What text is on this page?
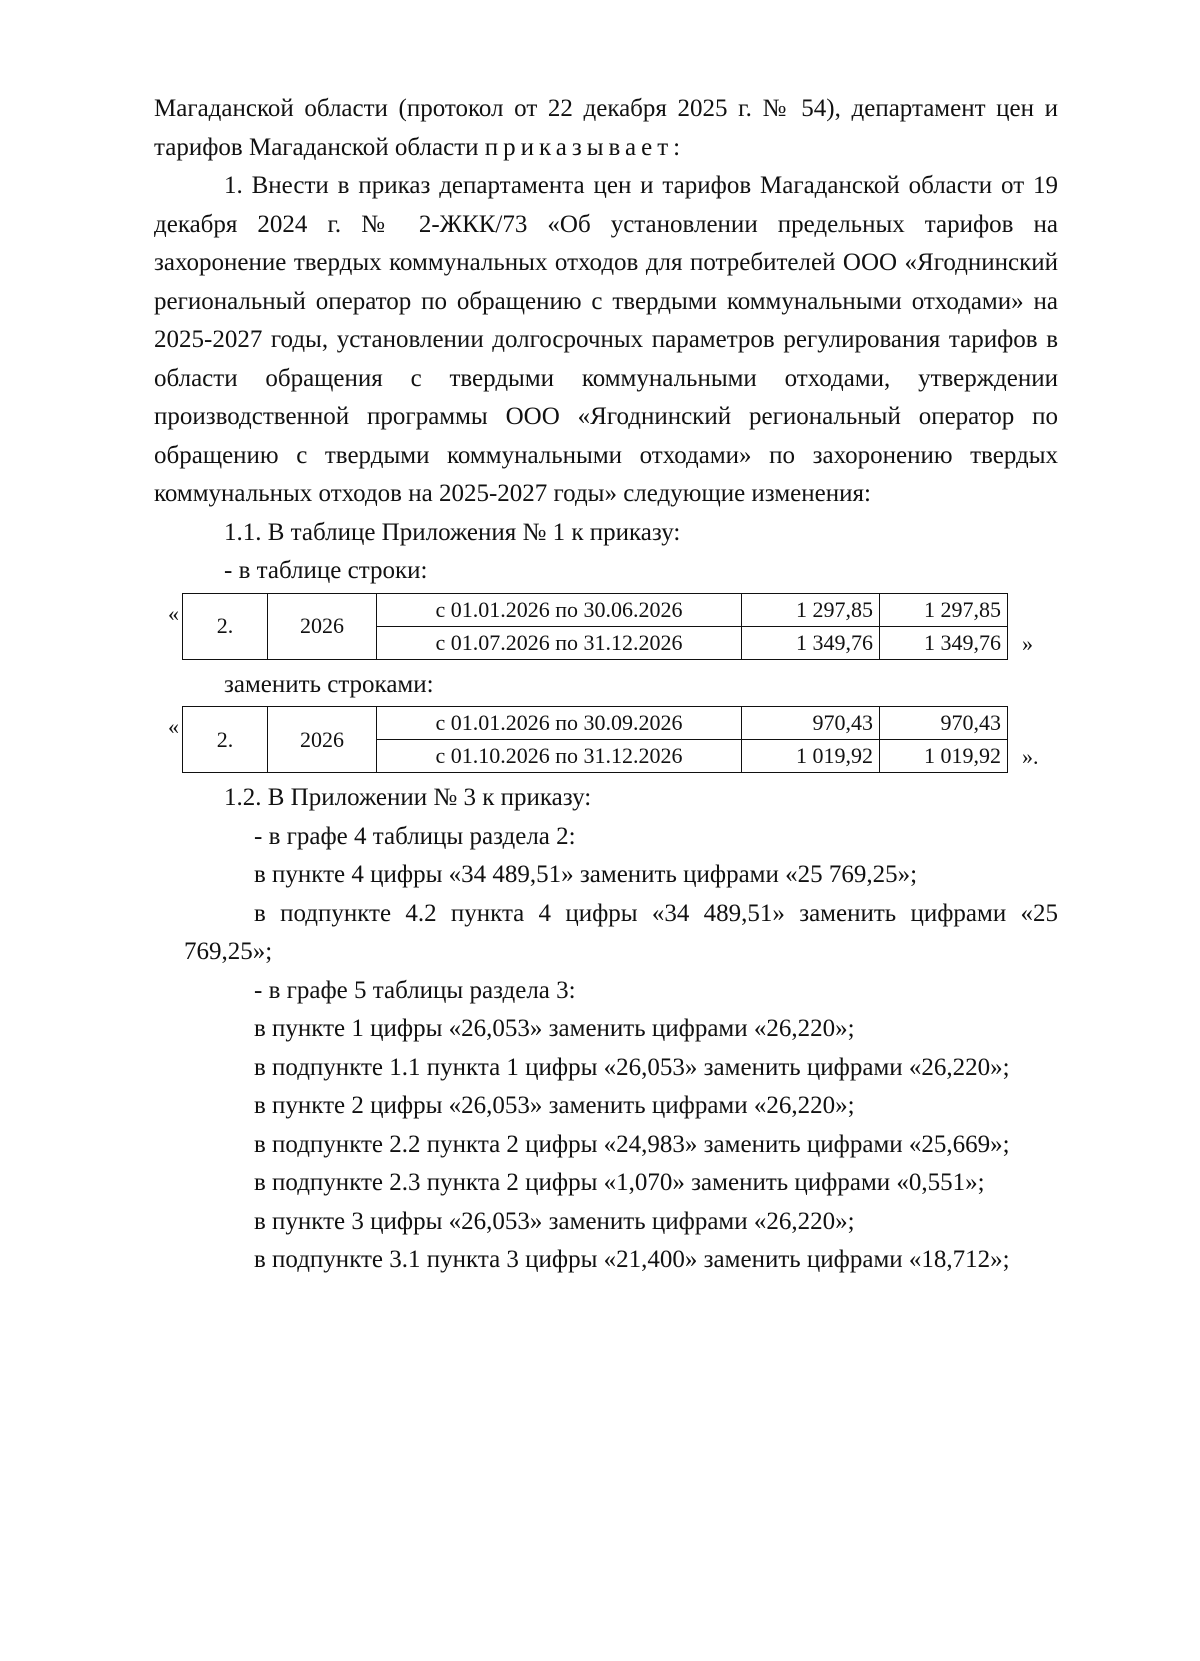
Магаданской области (протокол от 22 декабря 2025 г. № 54), департамент цен и тарифов Магаданской области приказывает:

1. Внести в приказ департамента цен и тарифов Магаданской области от 19 декабря 2024 г. № 2-ЖКК/73 «Об установлении предельных тарифов на захоронение твердых коммунальных отходов для потребителей ООО «Ягоднинский региональный оператор по обращению с твердыми коммунальными отходами» на 2025-2027 годы, установлении долгосрочных параметров регулирования тарифов в области обращения с твердыми коммунальными отходами, утверждении производственной программы ООО «Ягоднинский региональный оператор по обращению с твердыми коммунальными отходами» по захоронению твердых коммунальных отходов на 2025-2027 годы» следующие изменения:

1.1. В таблице Приложения № 1 к приказу:

- в таблице строки:

« 2.	2026	с 01.01.2026 по 30.06.2026	1 297,85	1 297,85
		с 01.07.2026 по 31.12.2026	1 349,76	1 349,76 »

заменить строками:

« 2.	2026	с 01.01.2026 по 30.09.2026	970,43	970,43
		с 01.10.2026 по 31.12.2026	1 019,92	1 019,92 ».

1.2. В Приложении № 3 к приказу:

- в графе 4 таблицы раздела 2:

в пункте 4 цифры «34 489,51» заменить цифрами «25 769,25»;

в подпункте 4.2 пункта 4 цифры «34 489,51» заменить цифрами «25 769,25»;

- в графе 5 таблицы раздела 3:

в пункте 1 цифры «26,053» заменить цифрами «26,220»;

в подпункте 1.1 пункта 1 цифры «26,053» заменить цифрами «26,220»;

в пункте 2 цифры «26,053» заменить цифрами «26,220»;

в подпункте 2.2 пункта 2 цифры «24,983» заменить цифрами «25,669»;

в подпункте 2.3 пункта 2 цифры «1,070» заменить цифрами «0,551»;

в пункте 3 цифры «26,053» заменить цифрами «26,220»;

в подпункте 3.1 пункта 3 цифры «21,400» заменить цифрами «18,712»;
